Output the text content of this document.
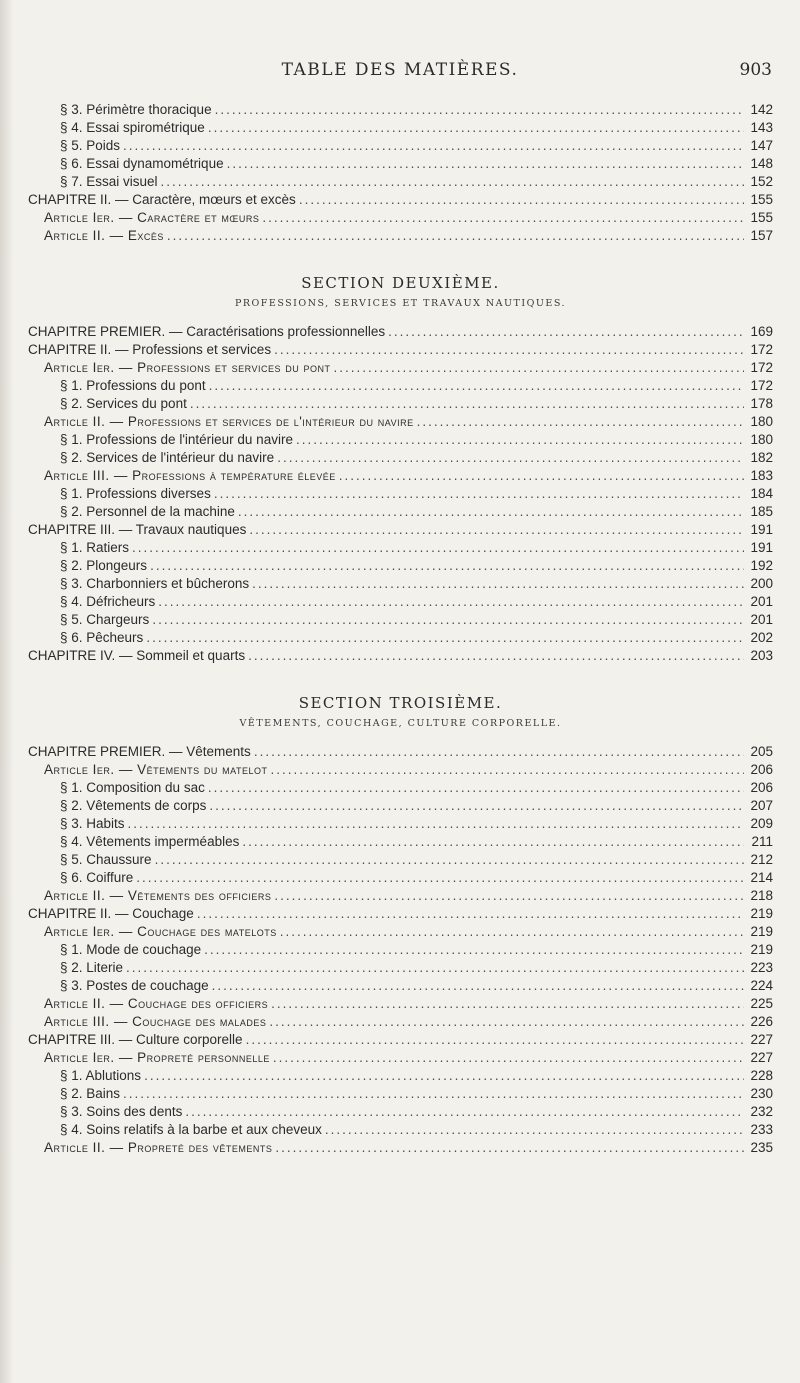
TABLE DES MATIÈRES.	903
§ 3. Périmètre thoracique .....	142
§ 4. Essai spirométrique .....	143
§ 5. Poids .....	147
§ 6. Essai dynamométrique .....	148
§ 7. Essai visuel .....	152
CHAPITRE II. — Caractère, mœurs et excès .....	155
Article Ier. — Caractère et mœurs .....	155
Article II. — Excès .....	157
SECTION DEUXIÈME.
PROFESSIONS, SERVICES ET TRAVAUX NAUTIQUES.
CHAPITRE PREMIER. — Caractérisations professionnelles .....	169
CHAPITRE II. — Professions et services .....	172
Article Ier. — Professions et services du pont .....	172
§ 1. Professions du pont .....	172
§ 2. Services du pont .....	178
Article II. — Professions et services de l'intérieur du navire .....	180
§ 1. Professions de l'intérieur du navire .....	180
§ 2. Services de l'intérieur du navire .....	182
Article III. — Professions à température élevée .....	183
§ 1. Professions diverses .....	184
§ 2. Personnel de la machine .....	185
CHAPITRE III. — Travaux nautiques .....	191
§ 1. Ratiers .....	191
§ 2. Plongeurs .....	192
§ 3. Charbonniers et bûcherons .....	200
§ 4. Défricheurs .....	201
§ 5. Chargeurs .....	201
§ 6. Pêcheurs .....	202
CHAPITRE IV. — Sommeil et quarts .....	203
SECTION TROISIÈME.
VÊTEMENTS, COUCHAGE, CULTURE CORPORELLE.
CHAPITRE PREMIER. — Vêtements .....	205
Article Ier. — Vêtements du matelot .....	206
§ 1. Composition du sac .....	206
§ 2. Vêtements de corps .....	207
§ 3. Habits .....	209
§ 4. Vêtements imperméables .....	211
§ 5. Chaussure .....	212
§ 6. Coiffure .....	214
Article II. — Vêtements des officiers .....	218
CHAPITRE II. — Couchage .....	219
Article Ier. — Couchage des matelots .....	219
§ 1. Mode de couchage .....	219
§ 2. Literie .....	223
§ 3. Postes de couchage .....	224
Article II. — Couchage des officiers .....	225
Article III. — Couchage des malades .....	226
CHAPITRE III. — Culture corporelle .....	227
Article Ier. — Propreté personnelle .....	227
§ 1. Ablutions .....	228
§ 2. Bains .....	230
§ 3. Soins des dents .....	232
§ 4. Soins relatifs à la barbe et aux cheveux .....	233
Article II. — Propreté des vêtements .....	235
